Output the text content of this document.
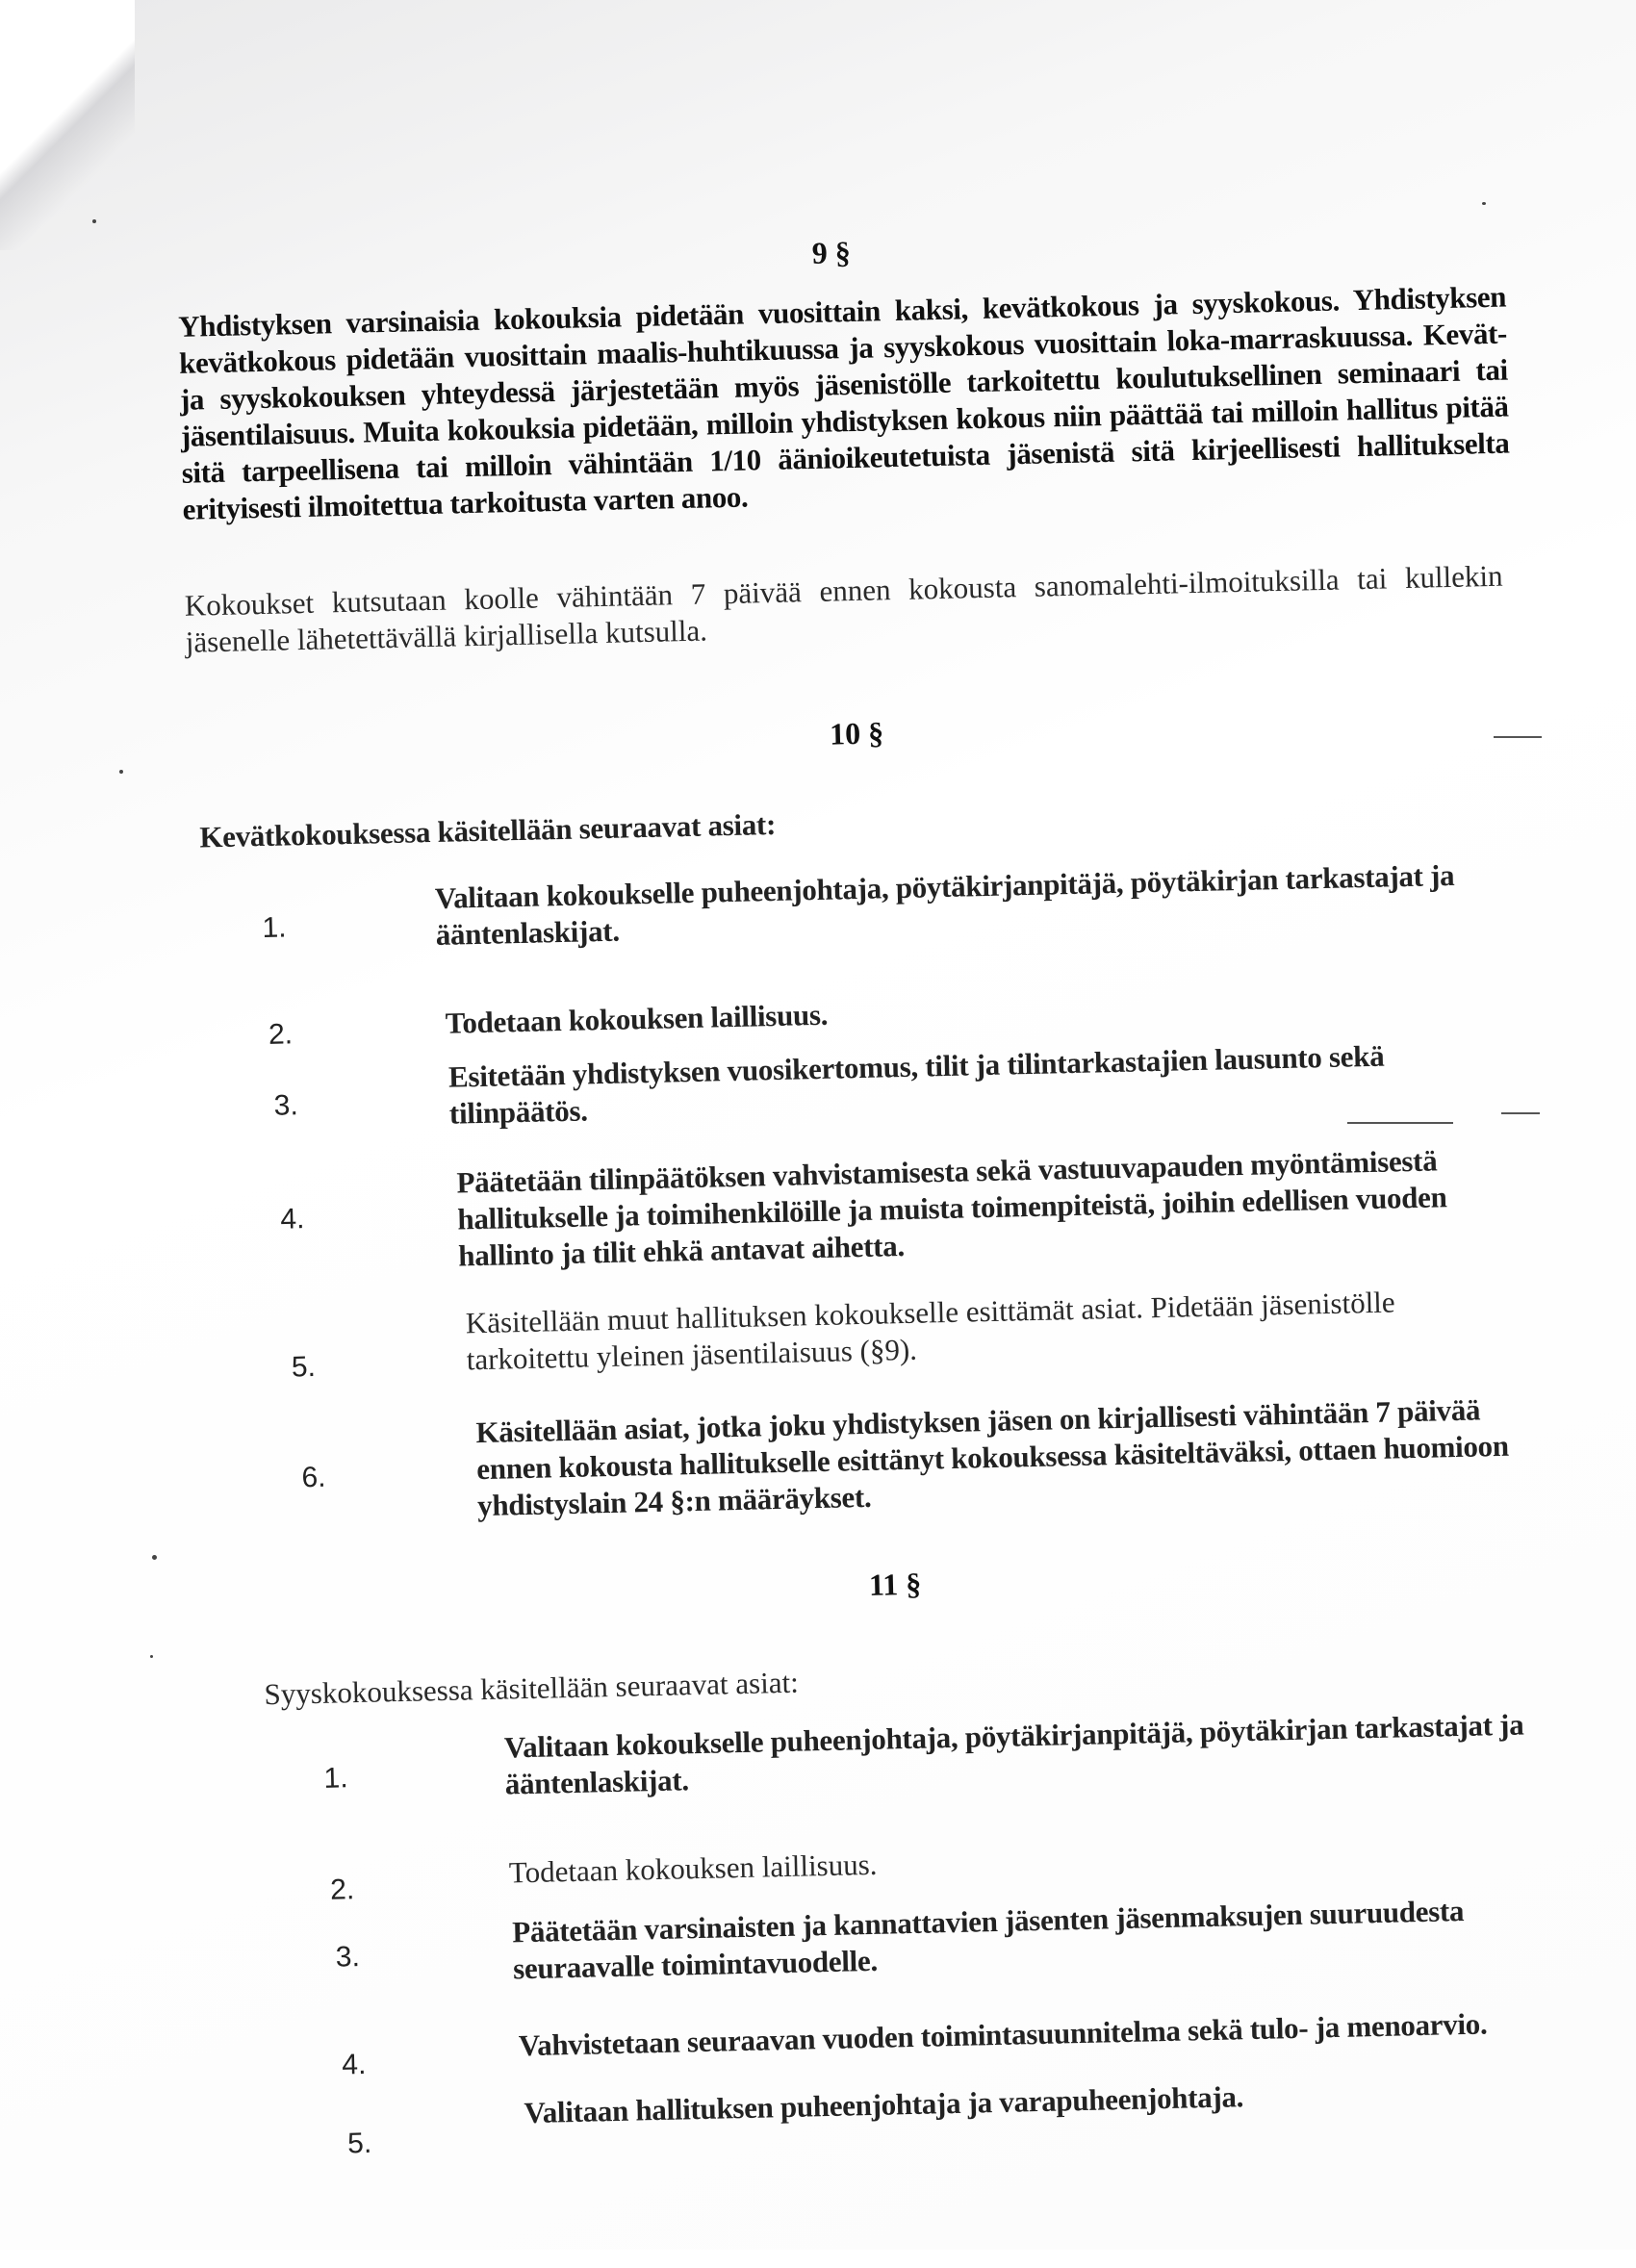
9 §
Yhdistyksen varsinaisia kokouksia pidetään vuosittain kaksi, kevätkokous ja syyskokous. Yhdistyksen kevätkokous pidetään vuosittain maalis-huhtikuussa ja syyskokous vuosittain loka-marraskuussa. Kevät- ja syyskokouksen yhteydessä järjestetään myös jäsenistölle tarkoitettu koulutuksellinen seminaari tai jäsentilaisuus. Muita kokouksia pidetään, milloin yhdistyksen kokous niin päättää tai milloin hallitus pitää sitä tarpeellisena tai milloin vähintään 1/10 äänioikeutetuista jäsenistä sitä kirjeellisesti hallitukselta erityisesti ilmoitettua tarkoitusta varten anoo.
Kokoukset kutsutaan koolle vähintään 7 päivää ennen kokousta sanomalehti-ilmoituksilla tai kullekin jäsenelle lähetettävällä kirjallisella kutsulla.
10 §
Kevätkokouksessa käsitellään seuraavat asiat:
1.
Valitaan kokoukselle puheenjohtaja, pöytäkirjanpitäjä, pöytäkirjan tarkastajat ja ääntenlaskijat.
2.	Todetaan kokouksen laillisuus.
3.
Esitetään yhdistyksen vuosikertomus, tilit ja tilintarkastajien lausunto sekä tilinpäätös.
4.
Päätetään tilinpäätöksen vahvistamisesta sekä vastuuvapauden myöntämisestä hallitukselle ja toimihenkilöille ja muista toimenpiteistä, joihin edellisen vuoden hallinto ja tilit ehkä antavat aihetta.
5.
Käsitellään muut hallituksen kokoukselle esittämät asiat. Pidetään jäsenistölle tarkoitettu yleinen jäsentilaisuus (§9).
6.
Käsitellään asiat, jotka joku yhdistyksen jäsen on kirjallisesti vähintään 7 päivää ennen kokousta hallitukselle esittänyt kokouksessa käsiteltäväksi, ottaen huomioon yhdistyslain 24 §:n määräykset.
11 §
Syyskokouksessa käsitellään seuraavat asiat:
1.
Valitaan kokoukselle puheenjohtaja, pöytäkirjanpitäjä, pöytäkirjan tarkastajat ja ääntenlaskijat.
2.
Todetaan kokouksen laillisuus.
3.
Päätetään varsinaisten ja kannattavien jäsenten jäsenmaksujen suuruudesta seuraavalle toimintavuodelle.
4.
Vahvistetaan seuraavan vuoden toimintasuunnitelma sekä tulo- ja menoarvio.
5.
Valitaan hallituksen puheenjohtaja ja varapuheenjohtaja.
